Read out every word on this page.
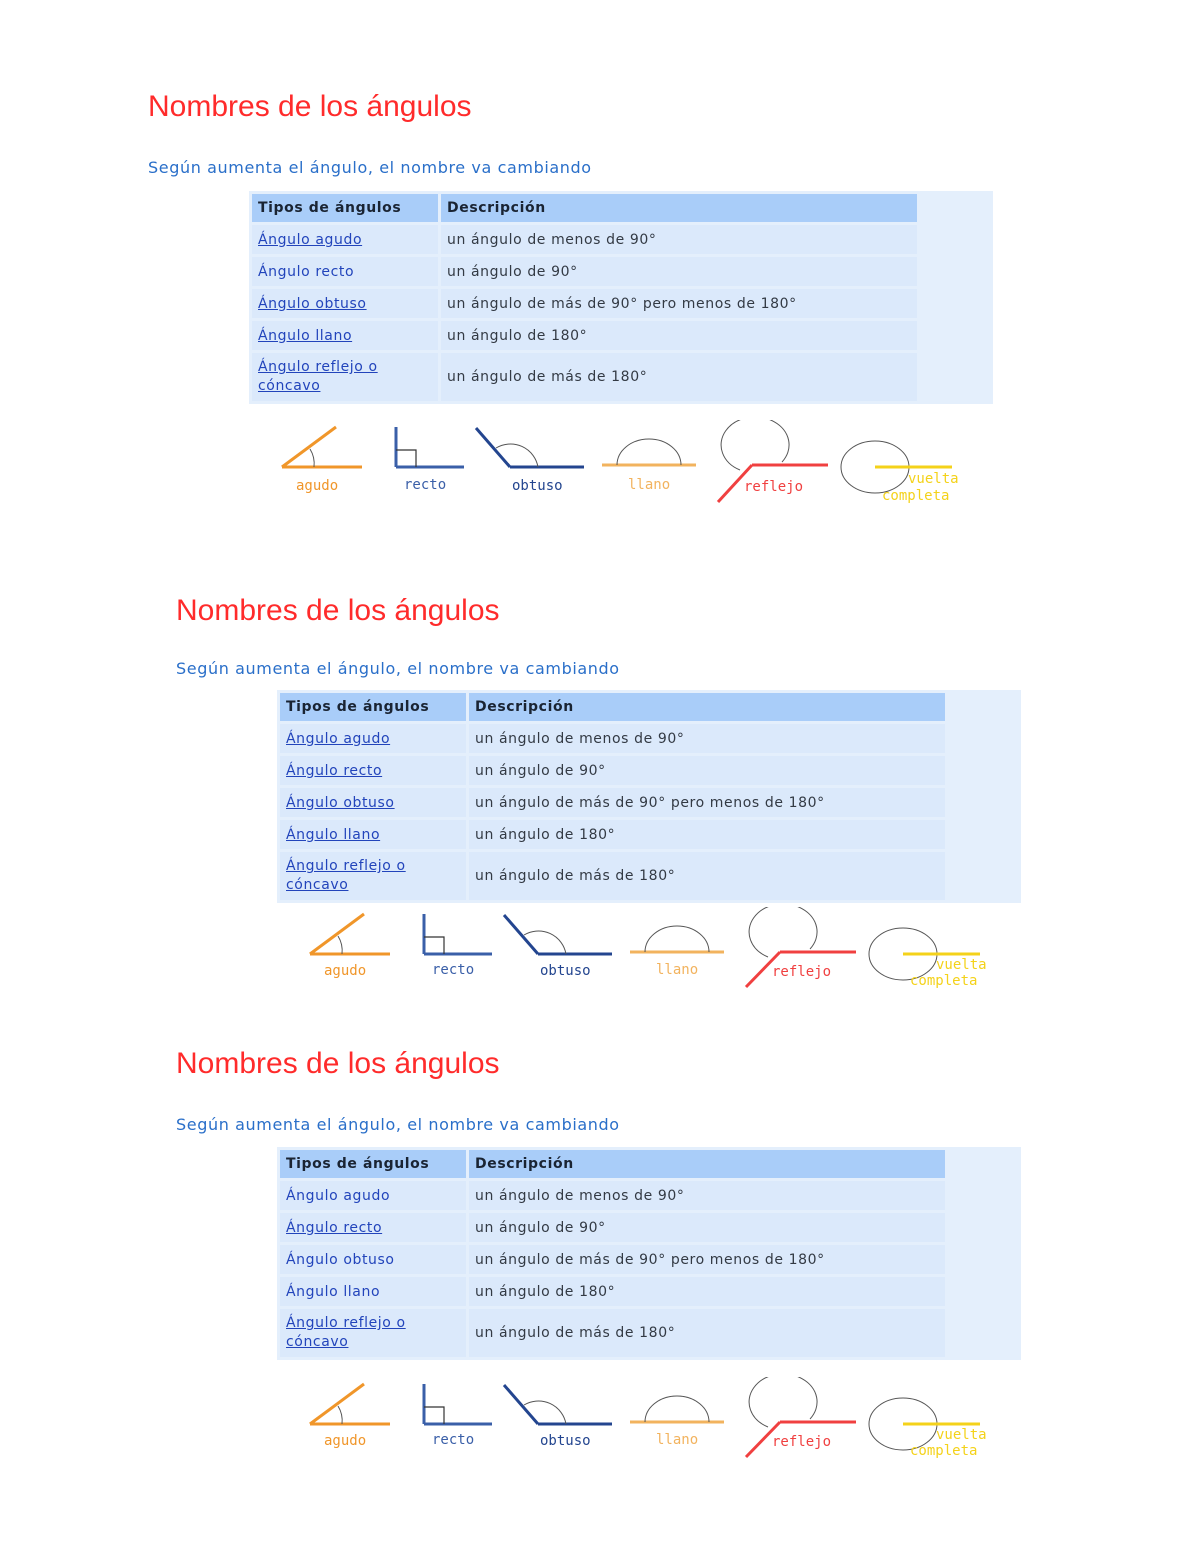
Nombres de los ángulos
Según aumenta el ángulo, el nombre va cambiando
Tipos de ángulos	Descripción
Ángulo agudo	un ángulo de menos de 90°
Ángulo recto	un ángulo de 90°
Ángulo obtuso	un ángulo de más de 90° pero menos de 180°
Ángulo llano	un ángulo de 180°
Ángulo reflejo o cóncavo	un ángulo de más de 180°
agudo	recto	obtuso	llano	reflejo	vuelta
completa
Nombres de los ángulos
Según aumenta el ángulo, el nombre va cambiando
Tipos de ángulos	Descripción
Ángulo agudo	un ángulo de menos de 90°
Ángulo recto	un ángulo de 90°
Ángulo obtuso	un ángulo de más de 90° pero menos de 180°
Ángulo llano	un ángulo de 180°
Ángulo reflejo o cóncavo	un ángulo de más de 180°
agudo	recto	obtuso	llano	reflejo	vuelta
completa
Nombres de los ángulos
Según aumenta el ángulo, el nombre va cambiando
Tipos de ángulos	Descripción
Ángulo agudo	un ángulo de menos de 90°
Ángulo recto	un ángulo de 90°
Ángulo obtuso	un ángulo de más de 90° pero menos de 180°
Ángulo llano	un ángulo de 180°
Ángulo reflejo o cóncavo	un ángulo de más de 180°
agudo	recto	obtuso	llano	reflejo	vuelta
completa
